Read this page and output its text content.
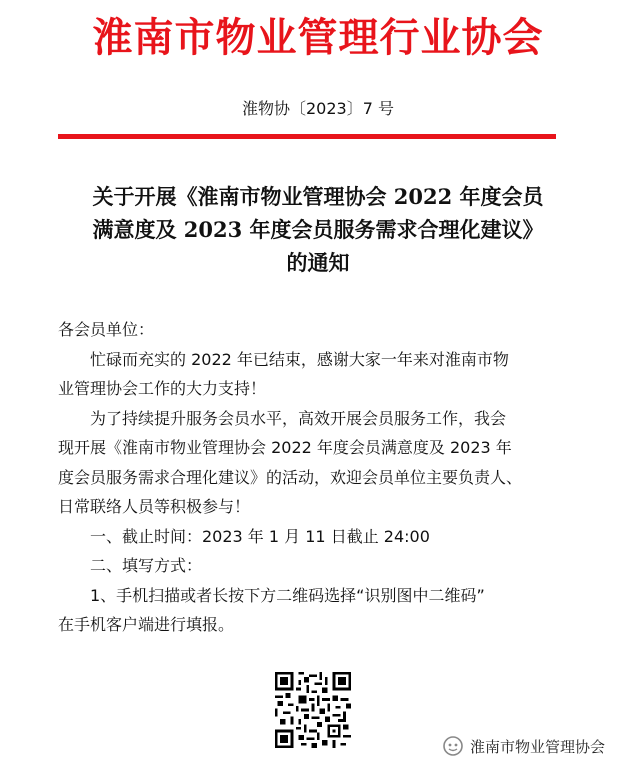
淮南市物业管理行业协会
淮物协〔2023〕7 号
关于开展《淮南市物业管理协会 2022 年度会员
满意度及 2023 年度会员服务需求合理化建议》
的通知

各会员单位：

忙碌而充实的 2022 年已结束，感谢大家一年来对淮南市物

业管理协会工作的大力支持！

为了持续提升服务会员水平，高效开展会员服务工作，我会

现开展《淮南市物业管理协会 2022 年度会员满意度及 2023 年

度会员服务需求合理化建议》的活动，欢迎会员单位主要负责人、

日常联络人员等积极参与！

一、截止时间：2023 年 1 月 11 日截止 24:00

二、填写方式：

1、手机扫描或者长按下方二维码选择“识别图中二维码”

在手机客户端进行填报。

淮南市物业管理协会
